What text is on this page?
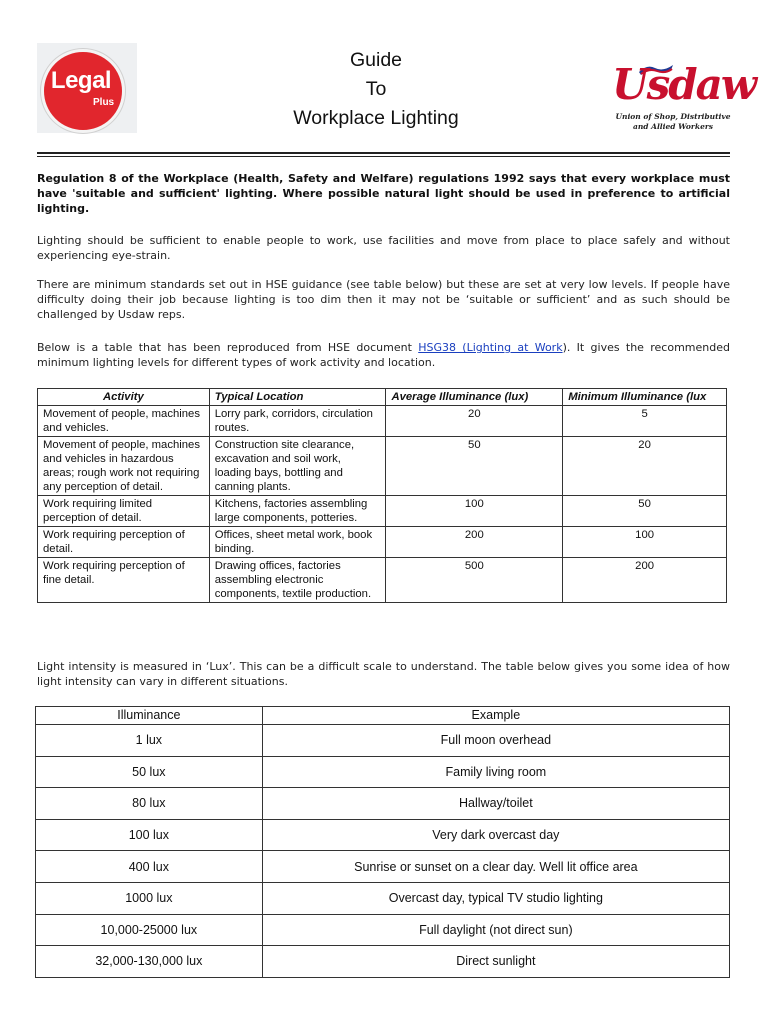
Legal
Plus
Guide
To
Workplace Lighting
Usdaw
Union of Shop, Distributive
and Allied Workers
Regulation 8 of the Workplace (Health, Safety and Welfare) regulations 1992 says that every workplace must have 'suitable and sufficient' lighting. Where possible natural light should be used in preference to artificial lighting.
Lighting should be sufficient to enable people to work, use facilities and move from place to place safely and without experiencing eye-strain.
There are minimum standards set out in HSE guidance (see table below) but these are set at very low levels. If people have difficulty doing their job because lighting is too dim then it may not be ‘suitable or sufficient’ and as such should be challenged by Usdaw reps.
Below is a table that has been reproduced from HSE document HSG38 (Lighting at Work). It gives the recommended minimum lighting levels for different types of work activity and location.
Activity	Typical Location	Average Illuminance (lux)	Minimum Illuminance (lux
Movement of people, machines and vehicles.	Lorry park, corridors, circulation routes.	20	5
Movement of people, machines and vehicles in hazardous areas; rough work not requiring any perception of detail.	Construction site clearance, excavation and soil work, loading bays, bottling and canning plants.	50	20
Work requiring limited perception of detail.	Kitchens, factories assembling large components, potteries.	100	50
Work requiring perception of detail.	Offices, sheet metal work, book binding.	200	100
Work requiring perception of fine detail.	Drawing offices, factories assembling electronic components, textile production.	500	200
Light intensity is measured in ‘Lux’. This can be a difficult scale to understand. The table below gives you some idea of how light intensity can vary in different situations.
Illuminance	Example
1 lux	Full moon overhead
50 lux	Family living room
80 lux	Hallway/toilet
100 lux	Very dark overcast day
400 lux	Sunrise or sunset on a clear day. Well lit office area
1000 lux	Overcast day, typical TV studio lighting
10,000-25000 lux	Full daylight (not direct sun)
32,000-130,000 lux	Direct sunlight
